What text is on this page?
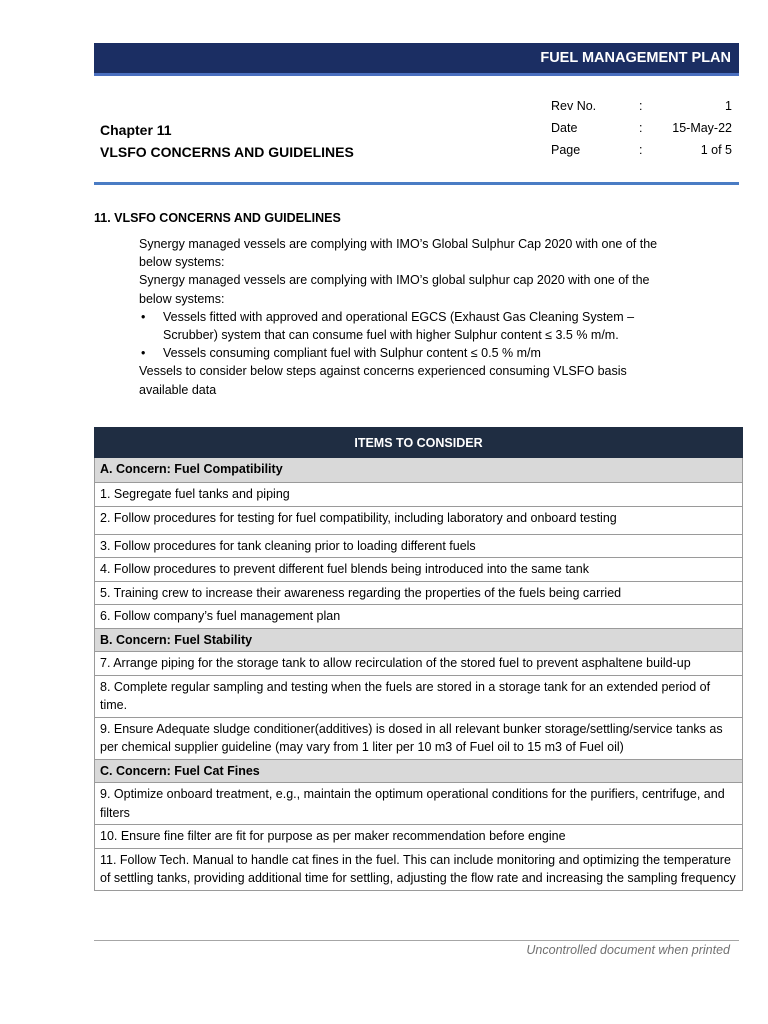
FUEL MANAGEMENT PLAN
Chapter 11
VLSFO CONCERNS AND GUIDELINES
Rev No.	:	1
Date	: 15-May-22
Page	:	1 of 5
11. VLSFO CONCERNS AND GUIDELINES

Synergy managed vessels are complying with IMO’s Global Sulphur Cap 2020 with one of the below systems:

Synergy managed vessels are complying with IMO’s global sulphur cap 2020 with one of the below systems:

• Vessels fitted with approved and operational EGCS (Exhaust Gas Cleaning System – Scrubber) system that can consume fuel with higher Sulphur content ≤ 3.5 % m/m.
• Vessels consuming compliant fuel with Sulphur content ≤ 0.5 % m/m

Vessels to consider below steps against concerns experienced consuming VLSFO basis available data

ITEMS TO CONSIDER
A. Concern: Fuel Compatibility
1. Segregate fuel tanks and piping
2. Follow procedures for testing for fuel compatibility, including laboratory and onboard testing
3. Follow procedures for tank cleaning prior to loading different fuels
4. Follow procedures to prevent different fuel blends being introduced into the same tank
5. Training crew to increase their awareness regarding the properties of the fuels being carried
6. Follow company’s fuel management plan
B. Concern: Fuel Stability
7. Arrange piping for the storage tank to allow recirculation of the stored fuel to prevent asphaltene build-up
8. Complete regular sampling and testing when the fuels are stored in a storage tank for an extended period of time.
9. Ensure Adequate sludge conditioner(additives) is dosed in all relevant bunker storage/settling/service tanks as per chemical supplier guideline (may vary from 1 liter per 10 m3 of Fuel oil to 15 m3 of Fuel oil)
C. Concern: Fuel Cat Fines
9. Optimize onboard treatment, e.g., maintain the optimum operational conditions for the purifiers, centrifuge, and filters
10. Ensure fine filter are fit for purpose as per maker recommendation before engine
11. Follow Tech. Manual to handle cat fines in the fuel. This can include monitoring and optimizing the temperature of settling tanks, providing additional time for settling, adjusting the flow rate and increasing the sampling frequency
Uncontrolled document when printed
